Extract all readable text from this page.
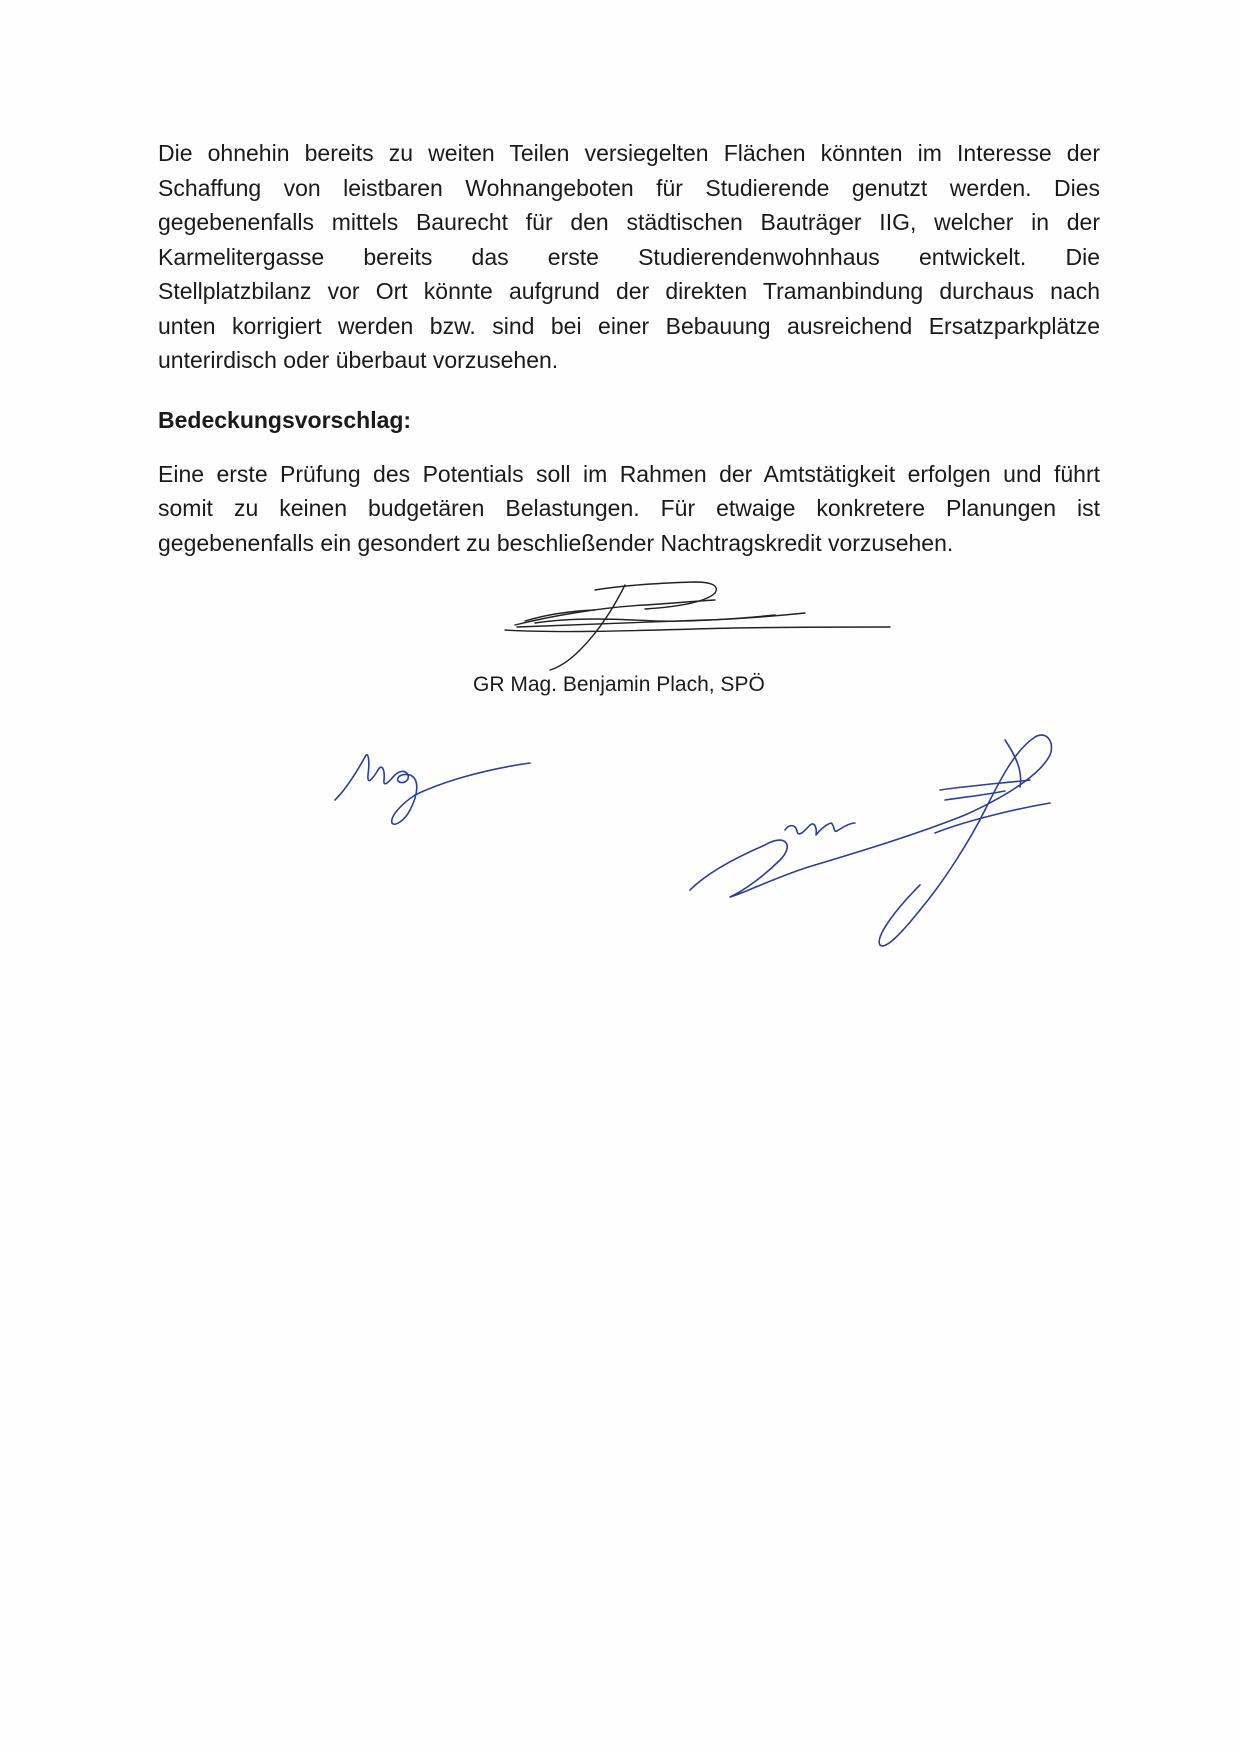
Die ohnehin bereits zu weiten Teilen versiegelten Flächen könnten im Interesse der
Schaffung von leistbaren Wohnangeboten für Studierende genutzt werden. Dies
gegebenenfalls mittels Baurecht für den städtischen Bauträger IIG, welcher in der
Karmelitergasse bereits das erste Studierendenwohnhaus entwickelt. Die
Stellplatzbilanz vor Ort könnte aufgrund der direkten Tramanbindung durchaus nach
unten korrigiert werden bzw. sind bei einer Bebauung ausreichend Ersatzparkplätze
unterirdisch oder überbaut vorzusehen.

Bedeckungsvorschlag:

Eine erste Prüfung des Potentials soll im Rahmen der Amtstätigkeit erfolgen und führt
somit zu keinen budgetären Belastungen. Für etwaige konkretere Planungen ist
gegebenenfalls ein gesondert zu beschließender Nachtragskredit vorzusehen.

GR Mag. Benjamin Plach, SPÖ
